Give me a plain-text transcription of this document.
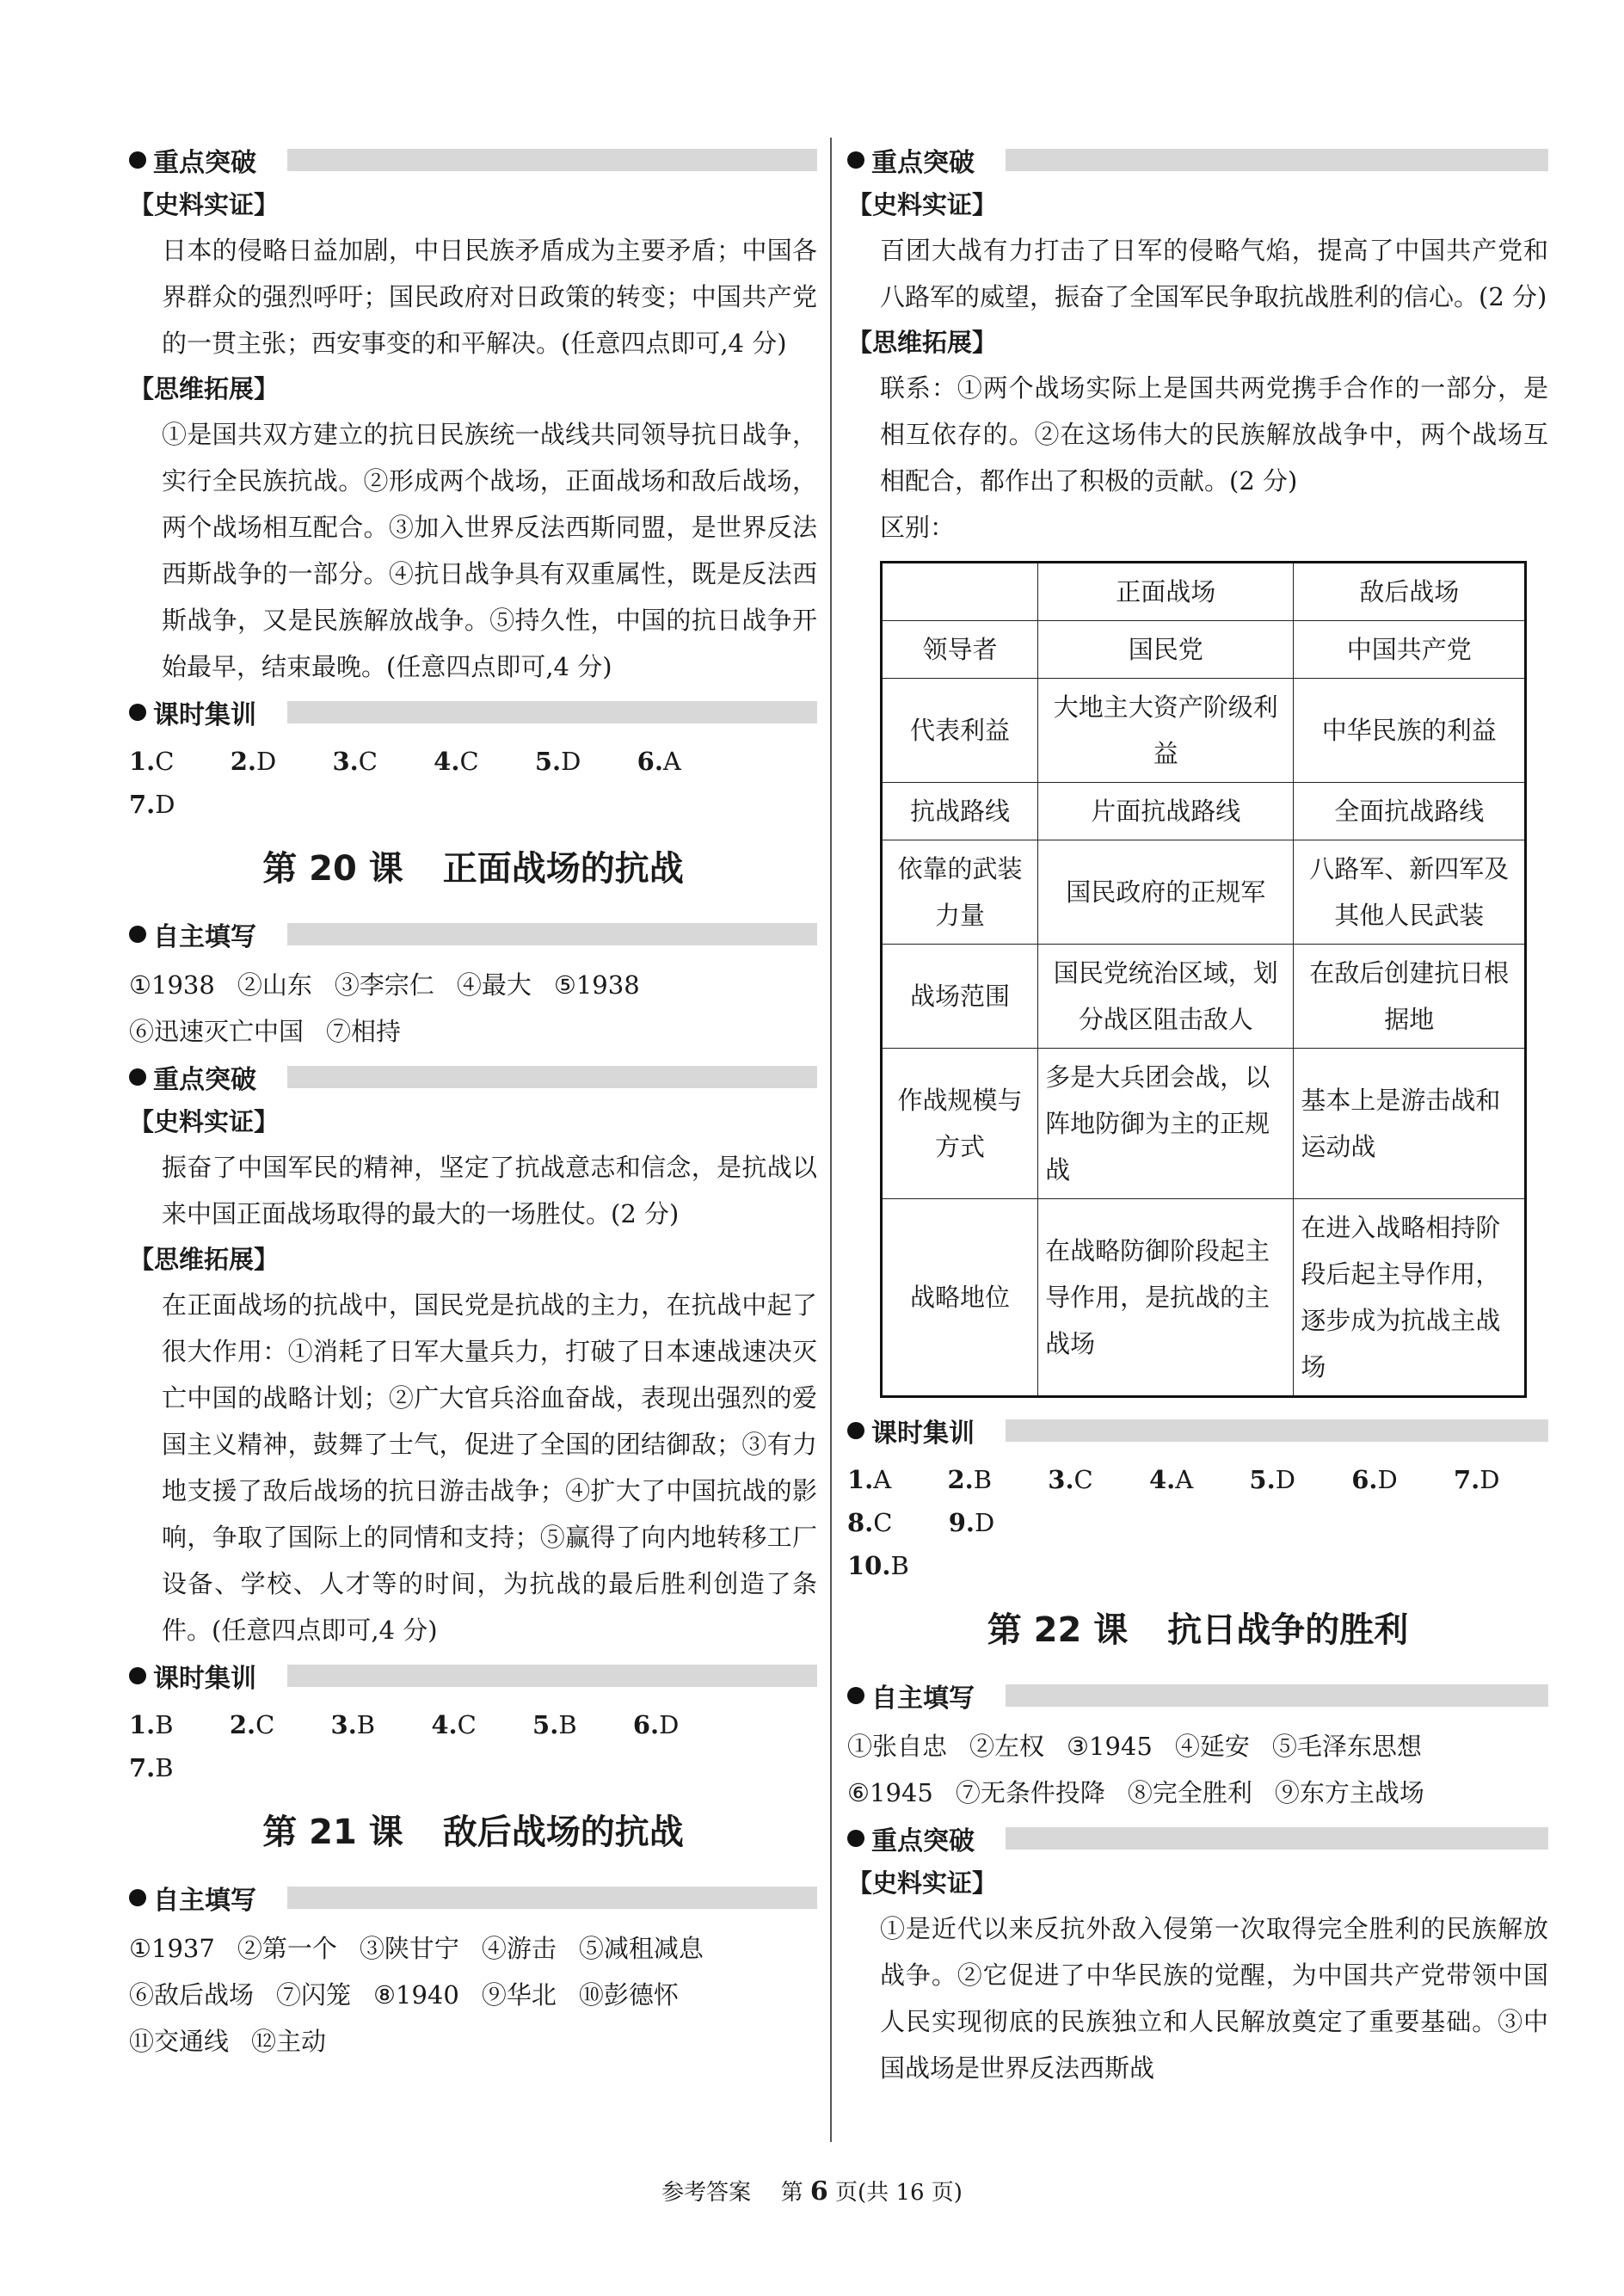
重点突破
【史料实证】
日本的侵略日益加剧，中日民族矛盾成为主要矛盾；中国各界群众的强烈呼吁；国民政府对日政策的转变；中国共产党的一贯主张；西安事变的和平解决。(任意四点即可,4 分)
【思维拓展】
①是国共双方建立的抗日民族统一战线共同领导抗日战争，实行全民族抗战。②形成两个战场，正面战场和敌后战场，两个战场相互配合。③加入世界反法西斯同盟，是世界反法西斯战争的一部分。④抗日战争具有双重属性，既是反法西斯战争，又是民族解放战争。⑤持久性，中国的抗日战争开始最早，结束最晚。(任意四点即可,4 分)
课时集训
1.C 2.D 3.C 4.C 5.D 6.A 7.D
第 20 课 正面战场的抗战
自主填写
①1938 ②山东 ③李宗仁 ④最大 ⑤1938
⑥迅速灭亡中国 ⑦相持
重点突破
【史料实证】
振奋了中国军民的精神，坚定了抗战意志和信念，是抗战以来中国正面战场取得的最大的一场胜仗。(2 分)
【思维拓展】
在正面战场的抗战中，国民党是抗战的主力，在抗战中起了很大作用：①消耗了日军大量兵力，打破了日本速战速决灭亡中国的战略计划；②广大官兵浴血奋战，表现出强烈的爱国主义精神，鼓舞了士气，促进了全国的团结御敌；③有力地支援了敌后战场的抗日游击战争；④扩大了中国抗战的影响，争取了国际上的同情和支持；⑤赢得了向内地转移工厂设备、学校、人才等的时间，为抗战的最后胜利创造了条件。(任意四点即可,4 分)
课时集训
1.B 2.C 3.B 4.C 5.B 6.D 7.B
第 21 课 敌后战场的抗战
自主填写
①1937 ②第一个 ③陕甘宁 ④游击 ⑤减租减息
⑥敌后战场 ⑦闪笼 ⑧1940 ⑨华北 ⑩彭德怀
⑪交通线 ⑫主动
重点突破
【史料实证】
百团大战有力打击了日军的侵略气焰，提高了中国共产党和八路军的威望，振奋了全国军民争取抗战胜利的信心。(2 分)
【思维拓展】
联系：①两个战场实际上是国共两党携手合作的一部分，是相互依存的。②在这场伟大的民族解放战争中，两个战场互相配合，都作出了积极的贡献。(2 分)
区别：
	正面战场	敌后战场
领导者	国民党	中国共产党
代表利益	大地主大资产阶级利益	中华民族的利益
抗战路线	片面抗战路线	全面抗战路线
依靠的武装力量	国民政府的正规军	八路军、新四军及其他人民武装
战场范围	国民党统治区域，划分战区阻击敌人	在敌后创建抗日根据地
作战规模与方式	多是大兵团会战，以阵地防御为主的正规战	基本上是游击战和运动战
战略地位	在战略防御阶段起主导作用，是抗战的主战场	在进入战略相持阶段后起主导作用，逐步成为抗战主战场
课时集训
1.A 2.B 3.C 4.A 5.D 6.D 7.D 8.C 9.D
10.B
第 22 课 抗日战争的胜利
自主填写
①张自忠 ②左权 ③1945 ④延安 ⑤毛泽东思想
⑥1945 ⑦无条件投降 ⑧完全胜利 ⑨东方主战场
重点突破
【史料实证】
①是近代以来反抗外敌入侵第一次取得完全胜利的民族解放战争。②它促进了中华民族的觉醒，为中国共产党带领中国人民实现彻底的民族独立和人民解放奠定了重要基础。③中国战场是世界反法西斯战
参考答案 第 6 页(共 16 页)
